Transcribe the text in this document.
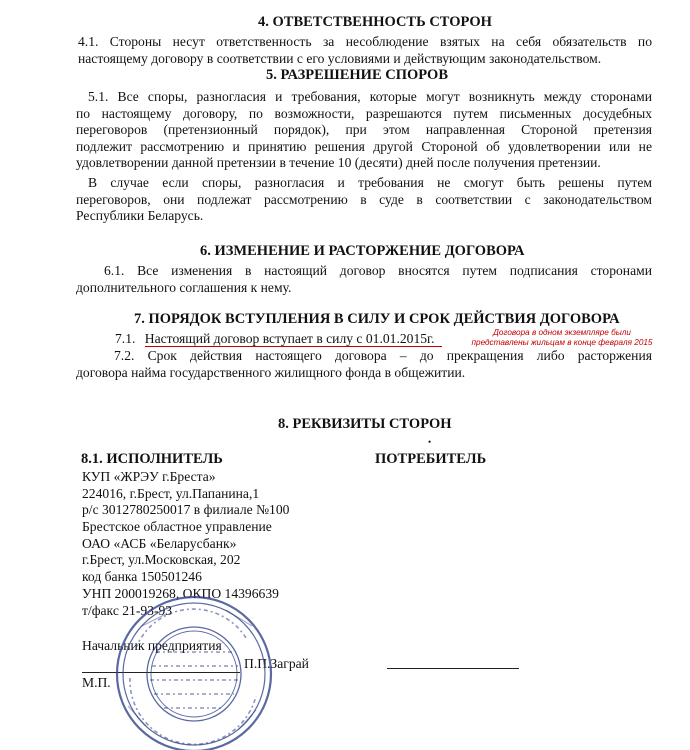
4. ОТВЕТСТВЕННОСТЬ СТОРОН
4.1. Стороны несут ответственность за несоблюдение взятых на себя обязательств по
настоящему договору в соответствии с его условиями и действующим законодательством.
5. РАЗРЕШЕНИЕ СПОРОВ
5.1. Все споры, разногласия и требования, которые могут возникнуть между сторонами
по настоящему договору, по возможности, разрешаются путем письменных досудебных
переговоров (претензионный порядок), при этом направленная Стороной претензия
подлежит рассмотрению и принятию решения другой Стороной об удовлетворении или не
удовлетворении данной претензии в течение 10 (десяти) дней после получения претензии.
В случае если споры, разногласия и требования не смогут быть решены путем
переговоров, они подлежат рассмотрению в суде в соответствии с законодательством
Республики Беларусь.
6. ИЗМЕНЕНИЕ И РАСТОРЖЕНИЕ ДОГОВОРА
6.1. Все изменения в настоящий договор вносятся путем подписания сторонами
дополнительного соглашения к нему.
7. ПОРЯДОК ВСТУПЛЕНИЯ В СИЛУ И СРОК ДЕЙСТВИЯ ДОГОВОРА
7.1. Настоящий договор вступает в силу с 01.01.2015г.	Договора в одном экземпляре были
представлены жильцам в конце февраля 2015
7.2. Срок действия настоящего договора – до прекращения либо расторжения
договора найма государственного жилищного фонда в общежитии.
8. РЕКВИЗИТЫ СТОРОН
•
8.1. ИСПОЛНИТЕЛЬ	ПОТРЕБИТЕЛЬ
КУП «ЖРЭУ г.Бреста»
224016, г.Брест, ул.Папанина,1
р/с 3012780250017 в филиале №100
Брестское областное управление
ОАО «АСБ «Беларусбанк»
г.Брест, ул.Московская, 202
код банка 150501246
УНП 200019268, ОКПО 14396639
т/факс 21-93-93
Начальник предприятия
П.П.Заграй
М.П.
